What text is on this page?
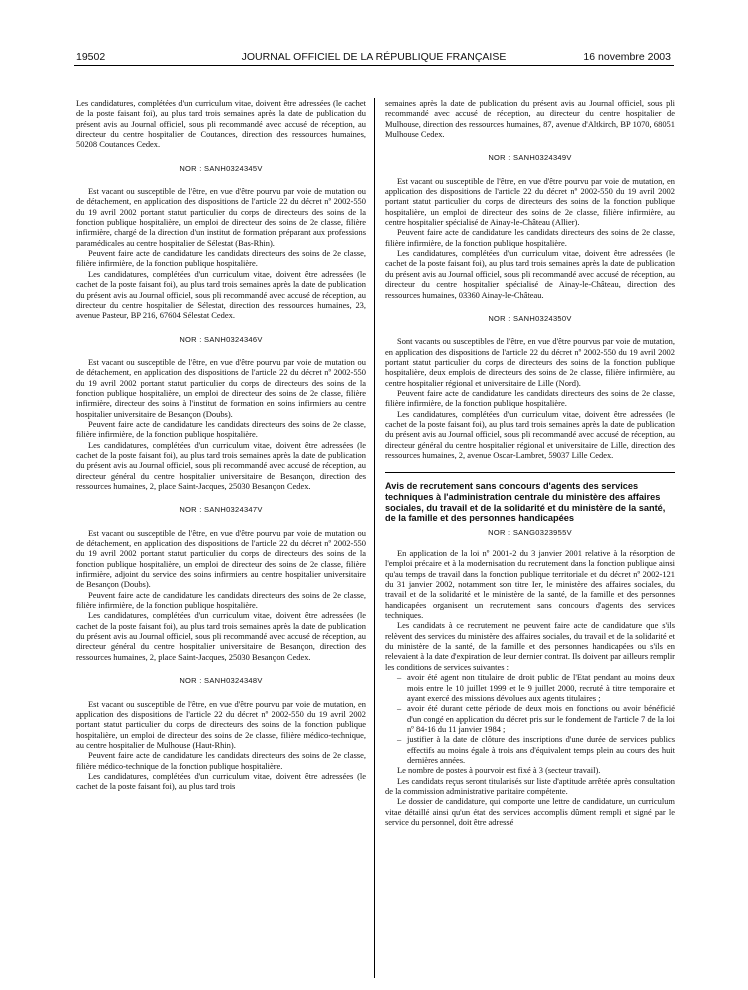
19502	JOURNAL OFFICIEL DE LA RÉPUBLIQUE FRANÇAISE	16 novembre 2003

Les candidatures, complétées d'un curriculum vitae, doivent être adressées (le cachet de la poste faisant foi), au plus tard trois semaines après la date de publication du présent avis au Journal officiel, sous pli recommandé avec accusé de réception, au directeur du centre hospitalier de Coutances, direction des ressources humaines, 50208 Coutances Cedex.

NOR : SANH0324345V

Est vacant ou susceptible de l'être, en vue d'être pourvu par voie de mutation ou de détachement, en application des dispositions de l'article 22 du décret nº 2002-550 du 19 avril 2002 portant statut particulier du corps de directeurs des soins de la fonction publique hospitalière, un emploi de directeur des soins de 2e classe, filière infirmière, chargé de la direction d'un institut de formation préparant aux professions paramédicales au centre hospitalier de Sélestat (Bas-Rhin).

Peuvent faire acte de candidature les candidats directeurs des soins de 2e classe, filière infirmière, de la fonction publique hospitalière.

Les candidatures, complétées d'un curriculum vitae, doivent être adressées (le cachet de la poste faisant foi), au plus tard trois semaines après la date de publication du présent avis au Journal officiel, sous pli recommandé avec accusé de réception, au directeur du centre hospitalier de Sélestat, direction des ressources humaines, 23, avenue Pasteur, BP 216, 67604 Sélestat Cedex.

NOR : SANH0324346V

Est vacant ou susceptible de l'être, en vue d'être pourvu par voie de mutation ou de détachement, en application des dispositions de l'article 22 du décret nº 2002-550 du 19 avril 2002 portant statut particulier du corps de directeurs des soins de la fonction publique hospitalière, un emploi de directeur des soins de 2e classe, filière infirmière, directeur des soins à l'institut de formation en soins infirmiers au centre hospitalier universitaire de Besançon (Doubs).

Peuvent faire acte de candidature les candidats directeurs des soins de 2e classe, filière infirmière, de la fonction publique hospitalière.

Les candidatures, complétées d'un curriculum vitae, doivent être adressées (le cachet de la poste faisant foi), au plus tard trois semaines après la date de publication du présent avis au Journal officiel, sous pli recommandé avec accusé de réception, au directeur général du centre hospitalier universitaire de Besançon, direction des ressources humaines, 2, place Saint-Jacques, 25030 Besançon Cedex.

NOR : SANH0324347V

Est vacant ou susceptible de l'être, en vue d'être pourvu par voie de mutation ou de détachement, en application des dispositions de l'article 22 du décret nº 2002-550 du 19 avril 2002 portant statut particulier du corps de directeurs des soins de la fonction publique hospitalière, un emploi de directeur des soins de 2e classe, filière infirmière, adjoint du service des soins infirmiers au centre hospitalier universitaire de Besançon (Doubs).

Peuvent faire acte de candidature les candidats directeurs des soins de 2e classe, filière infirmière, de la fonction publique hospitalière.

Les candidatures, complétées d'un curriculum vitae, doivent être adressées (le cachet de la poste faisant foi), au plus tard trois semaines après la date de publication du présent avis au Journal officiel, sous pli recommandé avec accusé de réception, au directeur général du centre hospitalier universitaire de Besançon, direction des ressources humaines, 2, place Saint-Jacques, 25030 Besançon Cedex.

NOR : SANH0324348V

Est vacant ou susceptible de l'être, en vue d'être pourvu par voie de mutation, en application des dispositions de l'article 22 du décret nº 2002-550 du 19 avril 2002 portant statut particulier du corps de directeurs des soins de la fonction publique hospitalière, un emploi de directeur des soins de 2e classe, filière médico-technique, au centre hospitalier de Mulhouse (Haut-Rhin).

Peuvent faire acte de candidature les candidats directeurs des soins de 2e classe, filière médico-technique de la fonction publique hospitalière.

Les candidatures, complétées d'un curriculum vitae, doivent être adressées (le cachet de la poste faisant foi), au plus tard trois

semaines après la date de publication du présent avis au Journal officiel, sous pli recommandé avec accusé de réception, au directeur du centre hospitalier de Mulhouse, direction des ressources humaines, 87, avenue d'Altkirch, BP 1070, 68051 Mulhouse Cedex.

NOR : SANH0324349V

Est vacant ou susceptible de l'être, en vue d'être pourvu par voie de mutation, en application des dispositions de l'article 22 du décret nº 2002-550 du 19 avril 2002 portant statut particulier du corps de directeurs des soins de la fonction publique hospitalière, un emploi de directeur des soins de 2e classe, filière infirmière, au centre hospitalier spécialisé de Ainay-le-Château (Allier).

Peuvent faire acte de candidature les candidats directeurs des soins de 2e classe, filière infirmière, de la fonction publique hospitalière.

Les candidatures, complétées d'un curriculum vitae, doivent être adressées (le cachet de la poste faisant foi), au plus tard trois semaines après la date de publication du présent avis au Journal officiel, sous pli recommandé avec accusé de réception, au directeur du centre hospitalier spécialisé de Ainay-le-Château, direction des ressources humaines, 03360 Ainay-le-Château.

NOR : SANH0324350V

Sont vacants ou susceptibles de l'être, en vue d'être pourvus par voie de mutation, en application des dispositions de l'article 22 du décret nº 2002-550 du 19 avril 2002 portant statut particulier du corps de directeurs des soins de la fonction publique hospitalière, deux emplois de directeurs des soins de 2e classe, filière infirmière, au centre hospitalier régional et universitaire de Lille (Nord).

Peuvent faire acte de candidature les candidats directeurs des soins de 2e classe, filière infirmière, de la fonction publique hospitalière.

Les candidatures, complétées d'un curriculum vitae, doivent être adressées (le cachet de la poste faisant foi), au plus tard trois semaines après la date de publication du présent avis au Journal officiel, sous pli recommandé avec accusé de réception, au directeur général du centre hospitalier régional et universitaire de Lille, direction des ressources humaines, 2, avenue Oscar-Lambret, 59037 Lille Cedex.

Avis de recrutement sans concours d'agents des services techniques à l'administration centrale du ministère des affaires sociales, du travail et de la solidarité et du ministère de la santé, de la famille et des personnes handicapées
NOR : SANG0323955V

En application de la loi nº 2001-2 du 3 janvier 2001 relative à la résorption de l'emploi précaire et à la modernisation du recrutement dans la fonction publique ainsi qu'au temps de travail dans la fonction publique territoriale et du décret nº 2002-121 du 31 janvier 2002, notamment son titre Ier, le ministère des affaires sociales, du travail et de la solidarité et le ministère de la santé, de la famille et des personnes handicapées organisent un recrutement sans concours d'agents des services techniques.

Les candidats à ce recrutement ne peuvent faire acte de candidature que s'ils relèvent des services du ministère des affaires sociales, du travail et de la solidarité et du ministère de la santé, de la famille et des personnes handicapées ou s'ils en relevaient à la date d'expiration de leur dernier contrat. Ils doivent par ailleurs remplir les conditions de services suivantes :

– avoir été agent non titulaire de droit public de l'Etat pendant au moins deux mois entre le 10 juillet 1999 et le 9 juillet 2000, recruté à titre temporaire et ayant exercé des missions dévolues aux agents titulaires ;
– avoir été durant cette période de deux mois en fonctions ou avoir bénéficié d'un congé en application du décret pris sur le fondement de l'article 7 de la loi nº 84-16 du 11 janvier 1984 ;
– justifier à la date de clôture des inscriptions d'une durée de services publics effectifs au moins égale à trois ans d'équivalent temps plein au cours des huit dernières années.

Le nombre de postes à pourvoir est fixé à 3 (secteur travail).

Les candidats reçus seront titularisés sur liste d'aptitude arrêtée après consultation de la commission administrative paritaire compétente.

Le dossier de candidature, qui comporte une lettre de candidature, un curriculum vitae détaillé ainsi qu'un état des services accomplis dûment rempli et signé par le service du personnel, doit être adressé
